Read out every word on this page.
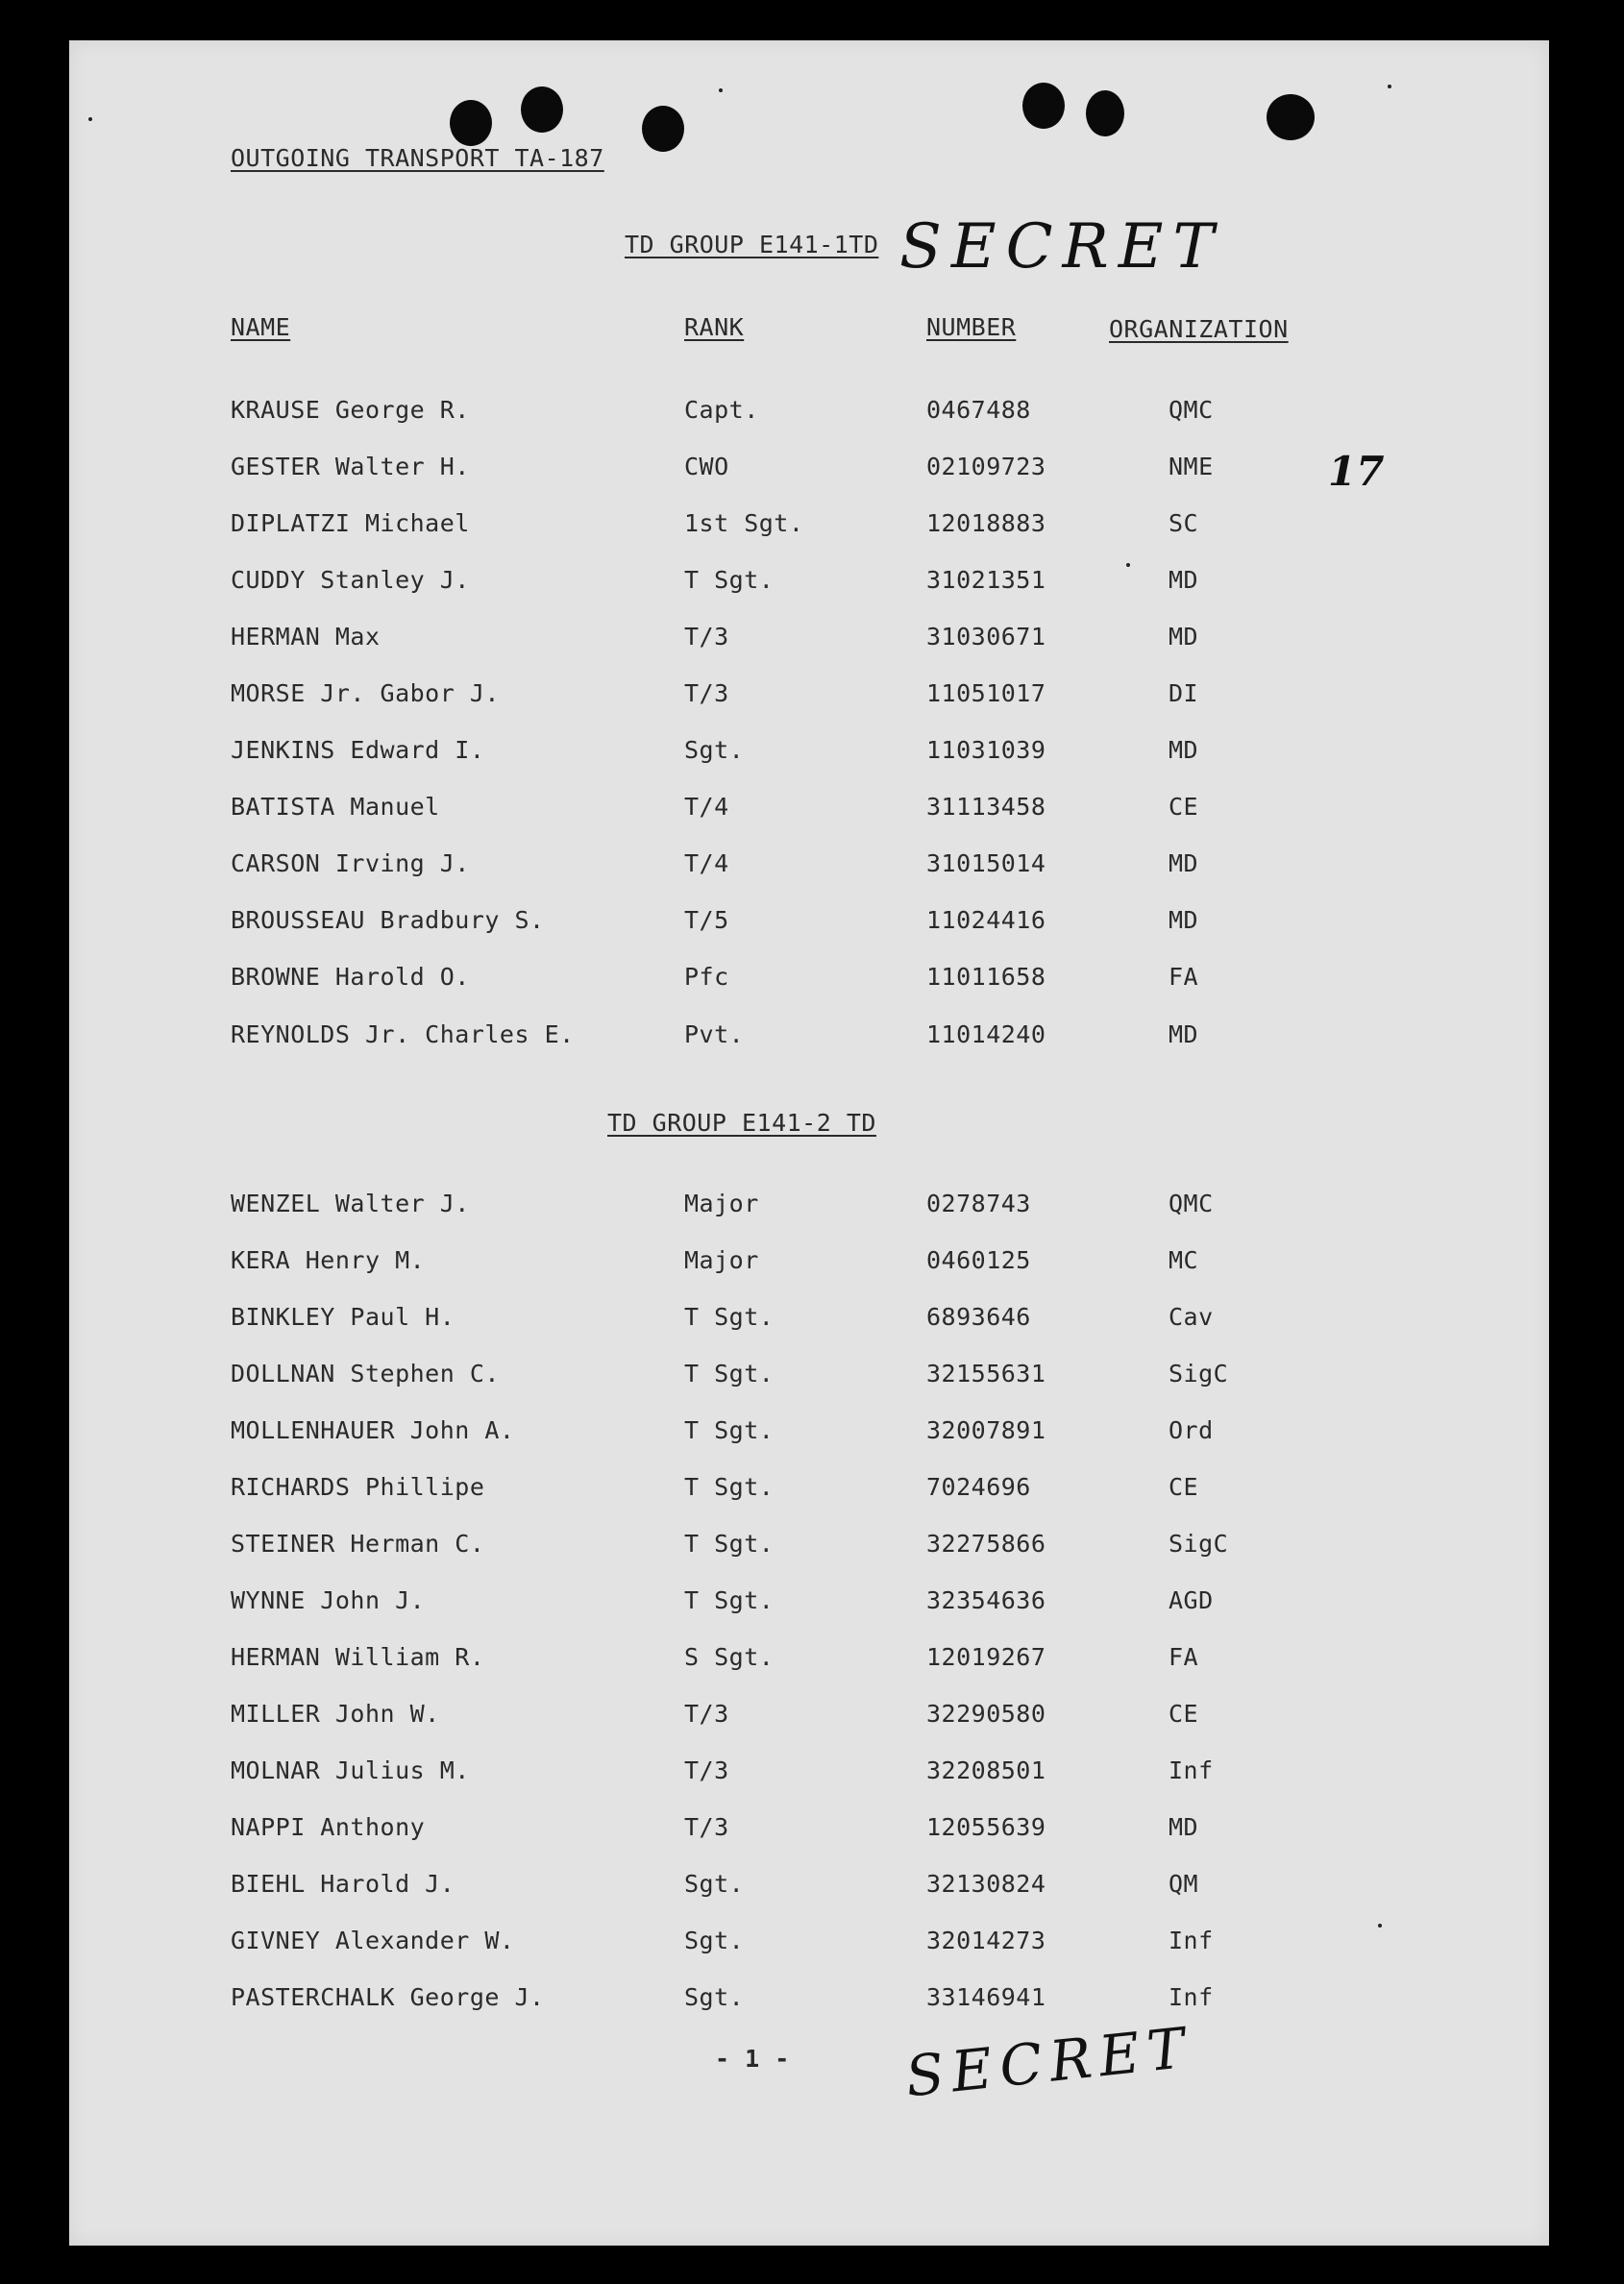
OUTGOING TRANSPORT TA-187
TD GROUP E141-1TD SECRET
NAME	RANK	NUMBER	ORGANIZATION
17
KRAUSE George R.	Capt.	0467488	QMC
GESTER Walter H.	CWO	02109723	NME
DIPLATZI Michael	1st Sgt.	12018883	SC
CUDDY Stanley J.	T Sgt.	31021351	MD
HERMAN Max	T/3	31030671	MD
MORSE Jr. Gabor J.	T/3	11051017	DI
JENKINS Edward I.	Sgt.	11031039	MD
BATISTA Manuel	T/4	31113458	CE
CARSON Irving J.	T/4	31015014	MD
BROUSSEAU Bradbury S.	T/5	11024416	MD
BROWNE Harold O.	Pfc	11011658	FA
REYNOLDS Jr. Charles E.	Pvt.	11014240	MD
TD GROUP E141-2 TD
WENZEL Walter J.	Major	0278743	QMC
KERA Henry M.	Major	0460125	MC
BINKLEY Paul H.	T Sgt.	6893646	Cav
DOLLNAN Stephen C.	T Sgt.	32155631	SigC
MOLLENHAUER John A.	T Sgt.	32007891	Ord
RICHARDS Phillipe	T Sgt.	7024696	CE
STEINER Herman C.	T Sgt.	32275866	SigC
WYNNE John J.	T Sgt.	32354636	AGD
HERMAN William R.	S Sgt.	12019267	FA
MILLER John W.	T/3	32290580	CE
MOLNAR Julius M.	T/3	32208501	Inf
NAPPI Anthony	T/3	12055639	MD
BIEHL Harold J.	Sgt.	32130824	QM
GIVNEY Alexander W.	Sgt.	32014273	Inf
PASTERCHALK George J.	Sgt.	33146941	Inf
- 1 - SECRET
